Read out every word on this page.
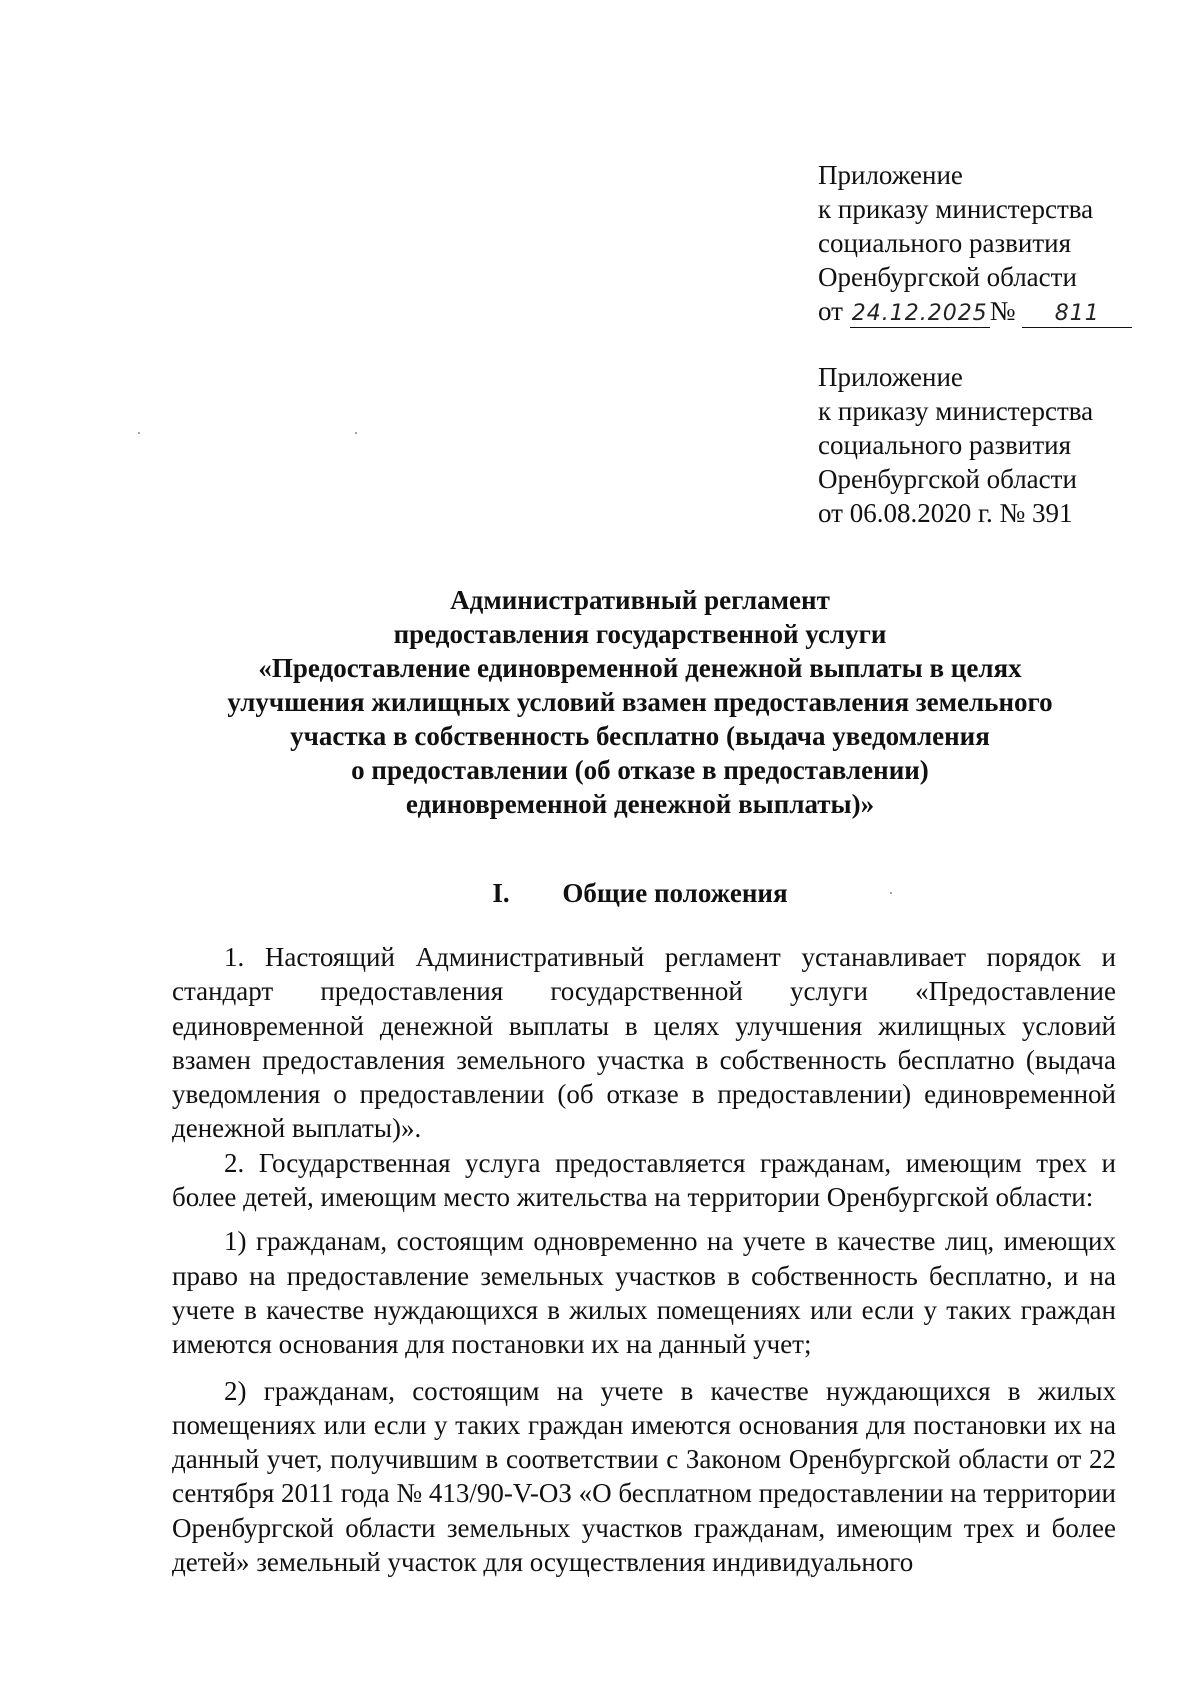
Приложение
к приказу министерства
социального развития
Оренбургской области
от 24.12.2025№ 811
Приложение
к приказу министерства
социального развития
Оренбургской области
от 06.08.2020 г. № 391
Административный регламент
предоставления государственной услуги
«Предоставление единовременной денежной выплаты в целях
улучшения жилищных условий взамен предоставления земельного
участка в собственность бесплатно (выдача уведомления
о предоставлении (об отказе в предоставлении)
единовременной денежной выплаты)»
I. Общие положения

1. Настоящий Административный регламент устанавливает порядок и стандарт предоставления государственной услуги «Предоставление единовременной денежной выплаты в целях улучшения жилищных условий взамен предоставления земельного участка в собственность бесплатно (выдача уведомления о предоставлении (об отказе в предоставлении) единовременной денежной выплаты)».

2. Государственная услуга предоставляется гражданам, имеющим трех и более детей, имеющим место жительства на территории Оренбургской области:

1) гражданам, состоящим одновременно на учете в качестве лиц, имеющих право на предоставление земельных участков в собственность бесплатно, и на учете в качестве нуждающихся в жилых помещениях или если у таких граждан имеются основания для постановки их на данный учет;

2) гражданам, состоящим на учете в качестве нуждающихся в жилых помещениях или если у таких граждан имеются основания для постановки их на данный учет, получившим в соответствии с Законом Оренбургской области от 22 сентября 2011 года № 413/90-V-ОЗ «О бесплатном предоставлении на территории Оренбургской области земельных участков гражданам, имеющим трех и более детей» земельный участок для осуществления индивидуального
